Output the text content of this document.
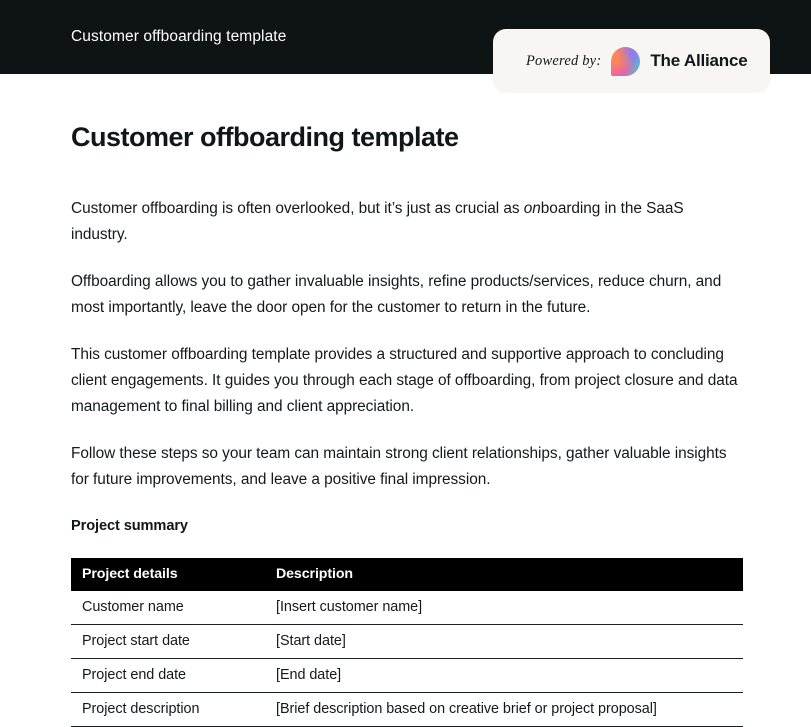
Customer offboarding template
Powered by:	The Alliance
Customer offboarding template

Customer offboarding is often overlooked, but it’s just as crucial as onboarding in the SaaS industry.

Offboarding allows you to gather invaluable insights, refine products/services, reduce churn, and most importantly, leave the door open for the customer to return in the future.

This customer offboarding template provides a structured and supportive approach to concluding client engagements. It guides you through each stage of offboarding, from project closure and data management to final billing and client appreciation.

Follow these steps so your team can maintain strong client relationships, gather valuable insights for future improvements, and leave a positive final impression.

Project summary
Project details	Description
Customer name	[Insert customer name]
Project start date	[Start date]
Project end date	[End date]
Project description	[Brief description based on creative brief or project proposal]
